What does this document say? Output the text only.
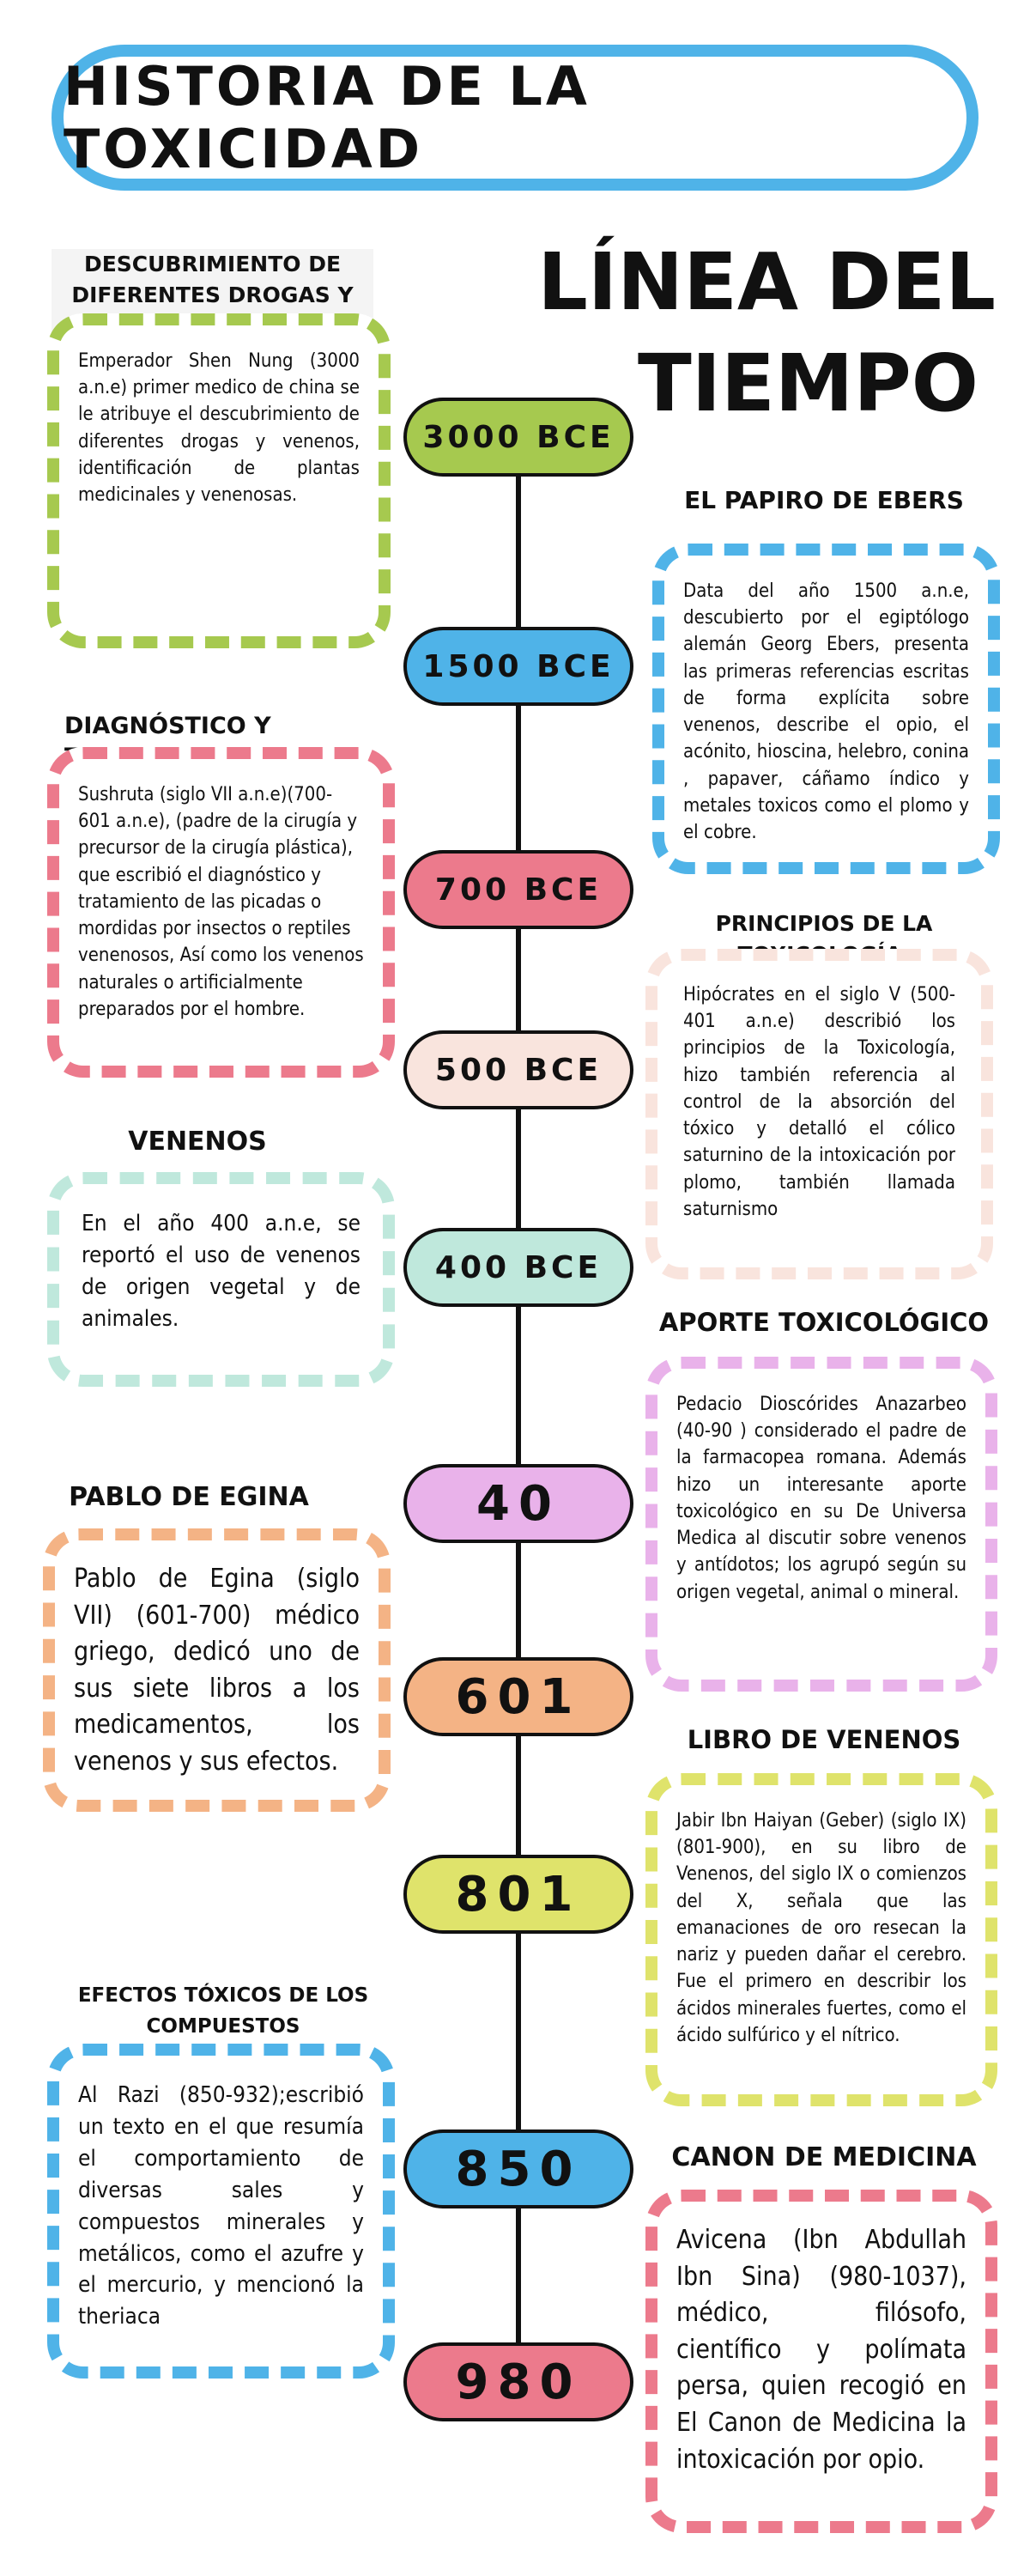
HISTORIA DE LA TOXICIDAD
LÍNEA DEL
TIEMPO
3000 BCE
1500 BCE
700 BCE
500 BCE
400 BCE
40
601
801
850
980
DESCUBRIMIENTO DE DIFERENTES DROGAS Y
Emperador Shen Nung (3000 a.n.e) primer medico de china se le atribuye el descubrimiento de diferentes drogas y venenos, identificación de plantas medicinales y venenosas.	EL PAPIRO DE EBERS
Data del año 1500 a.n.e, descubierto por el egiptólogo alemán Georg Ebers, presenta las primeras referencias escritas de forma explícita sobre venenos, describe el opio, el acónito, hioscina, helebro, conina , papaver, cáñamo índico y metales toxicos como el plomo y el cobre.
DIAGNÓSTICO Y
Sushruta (siglo VII a.n.e)(700-601 a.n.e), (padre de la cirugía y precursor de la cirugía plástica), que escribió el diagnóstico y tratamiento de las picadas o mordidas por insectos o reptiles venenosos, Así como los venenos naturales o artificialmente preparados por el hombre.
PRINCIPIOS DE LA
Hipócrates en el siglo V (500-401 a.n.e) describió los principios de la Toxicología, hizo también referencia al control de la absorción del tóxico y detalló el cólico saturnino de la intoxicación por plomo, también llamada saturnismo
VENENOS
En el año 400 a.n.e, se reportó el uso de venenos de origen vegetal y de animales.	APORTE TOXICOLÓGICO
Pedacio Dioscórides Anazarbeo (40-90 ) considerado el padre de la farmacopea romana. Además hizo un interesante aporte toxicológico en su De Universa Medica al discutir sobre venenos y antídotos; los agrupó según su origen vegetal, animal o mineral.
PABLO DE EGINA
Pablo de Egina (siglo VII) (601-700) médico griego, dedicó uno de sus siete libros a los medicamentos, los venenos y sus efectos.
LIBRO DE VENENOS
Jabir Ibn Haiyan (Geber) (siglo IX)(801-900), en su libro de Venenos, del siglo IX o comienzos del X, señala que las emanaciones de oro resecan la nariz y pueden dañar el cerebro. Fue el primero en describir los ácidos minerales fuertes, como el ácido sulfúrico y el nítrico.
EFECTOS TÓXICOS DE LOS COMPUESTOS
Al Razi (850-932);escribió un texto en el que resumía el comportamiento de diversas sales y compuestos minerales y metálicos, como el azufre y el mercurio, y mencionó la theriaca
CANON DE MEDICINA
Avicena (Ibn Abdullah Ibn Sina) (980-1037), médico, filósofo, científico y polímata persa, quien recogió en El Canon de Medicina la intoxicación por opio.
